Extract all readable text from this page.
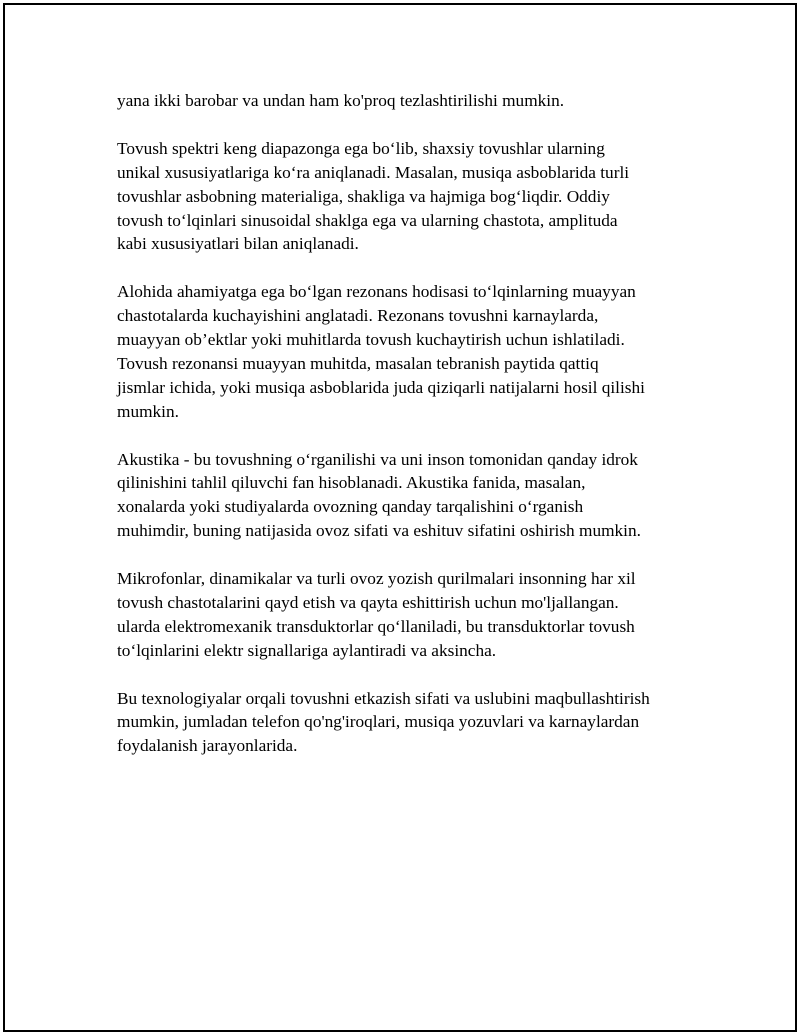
yana ikki barobar va undan ham ko'proq tezlashtirilishi mumkin.

Tovush spektri keng diapazonga ega bo‘lib, shaxsiy tovushlar ularning
unikal xususiyatlariga ko‘ra aniqlanadi. Masalan, musiqa asboblarida turli
tovushlar asbobning materialiga, shakliga va hajmiga bog‘liqdir. Oddiy
tovush to‘lqinlari sinusoidal shaklga ega va ularning chastota, amplituda
kabi xususiyatlari bilan aniqlanadi.

Alohida ahamiyatga ega bo‘lgan rezonans hodisasi to‘lqinlarning muayyan
chastotalarda kuchayishini anglatadi. Rezonans tovushni karnaylarda,
muayyan ob’ektlar yoki muhitlarda tovush kuchaytirish uchun ishlatiladi.
Tovush rezonansi muayyan muhitda, masalan tebranish paytida qattiq
jismlar ichida, yoki musiqa asboblarida juda qiziqarli natijalarni hosil qilishi
mumkin.

Akustika - bu tovushning o‘rganilishi va uni inson tomonidan qanday idrok
qilinishini tahlil qiluvchi fan hisoblanadi. Akustika fanida, masalan,
xonalarda yoki studiyalarda ovozning qanday tarqalishini o‘rganish
muhimdir, buning natijasida ovoz sifati va eshituv sifatini oshirish mumkin.

Mikrofonlar, dinamikalar va turli ovoz yozish qurilmalari insonning har xil
tovush chastotalarini qayd etish va qayta eshittirish uchun mo'ljallangan.
ularda elektromexanik transduktorlar qo‘llaniladi, bu transduktorlar tovush
to‘lqinlarini elektr signallariga aylantiradi va aksincha.

Bu texnologiyalar orqali tovushni etkazish sifati va uslubini maqbullashtirish
mumkin, jumladan telefon qo'ng'iroqlari, musiqa yozuvlari va karnaylardan
foydalanish jarayonlarida.
